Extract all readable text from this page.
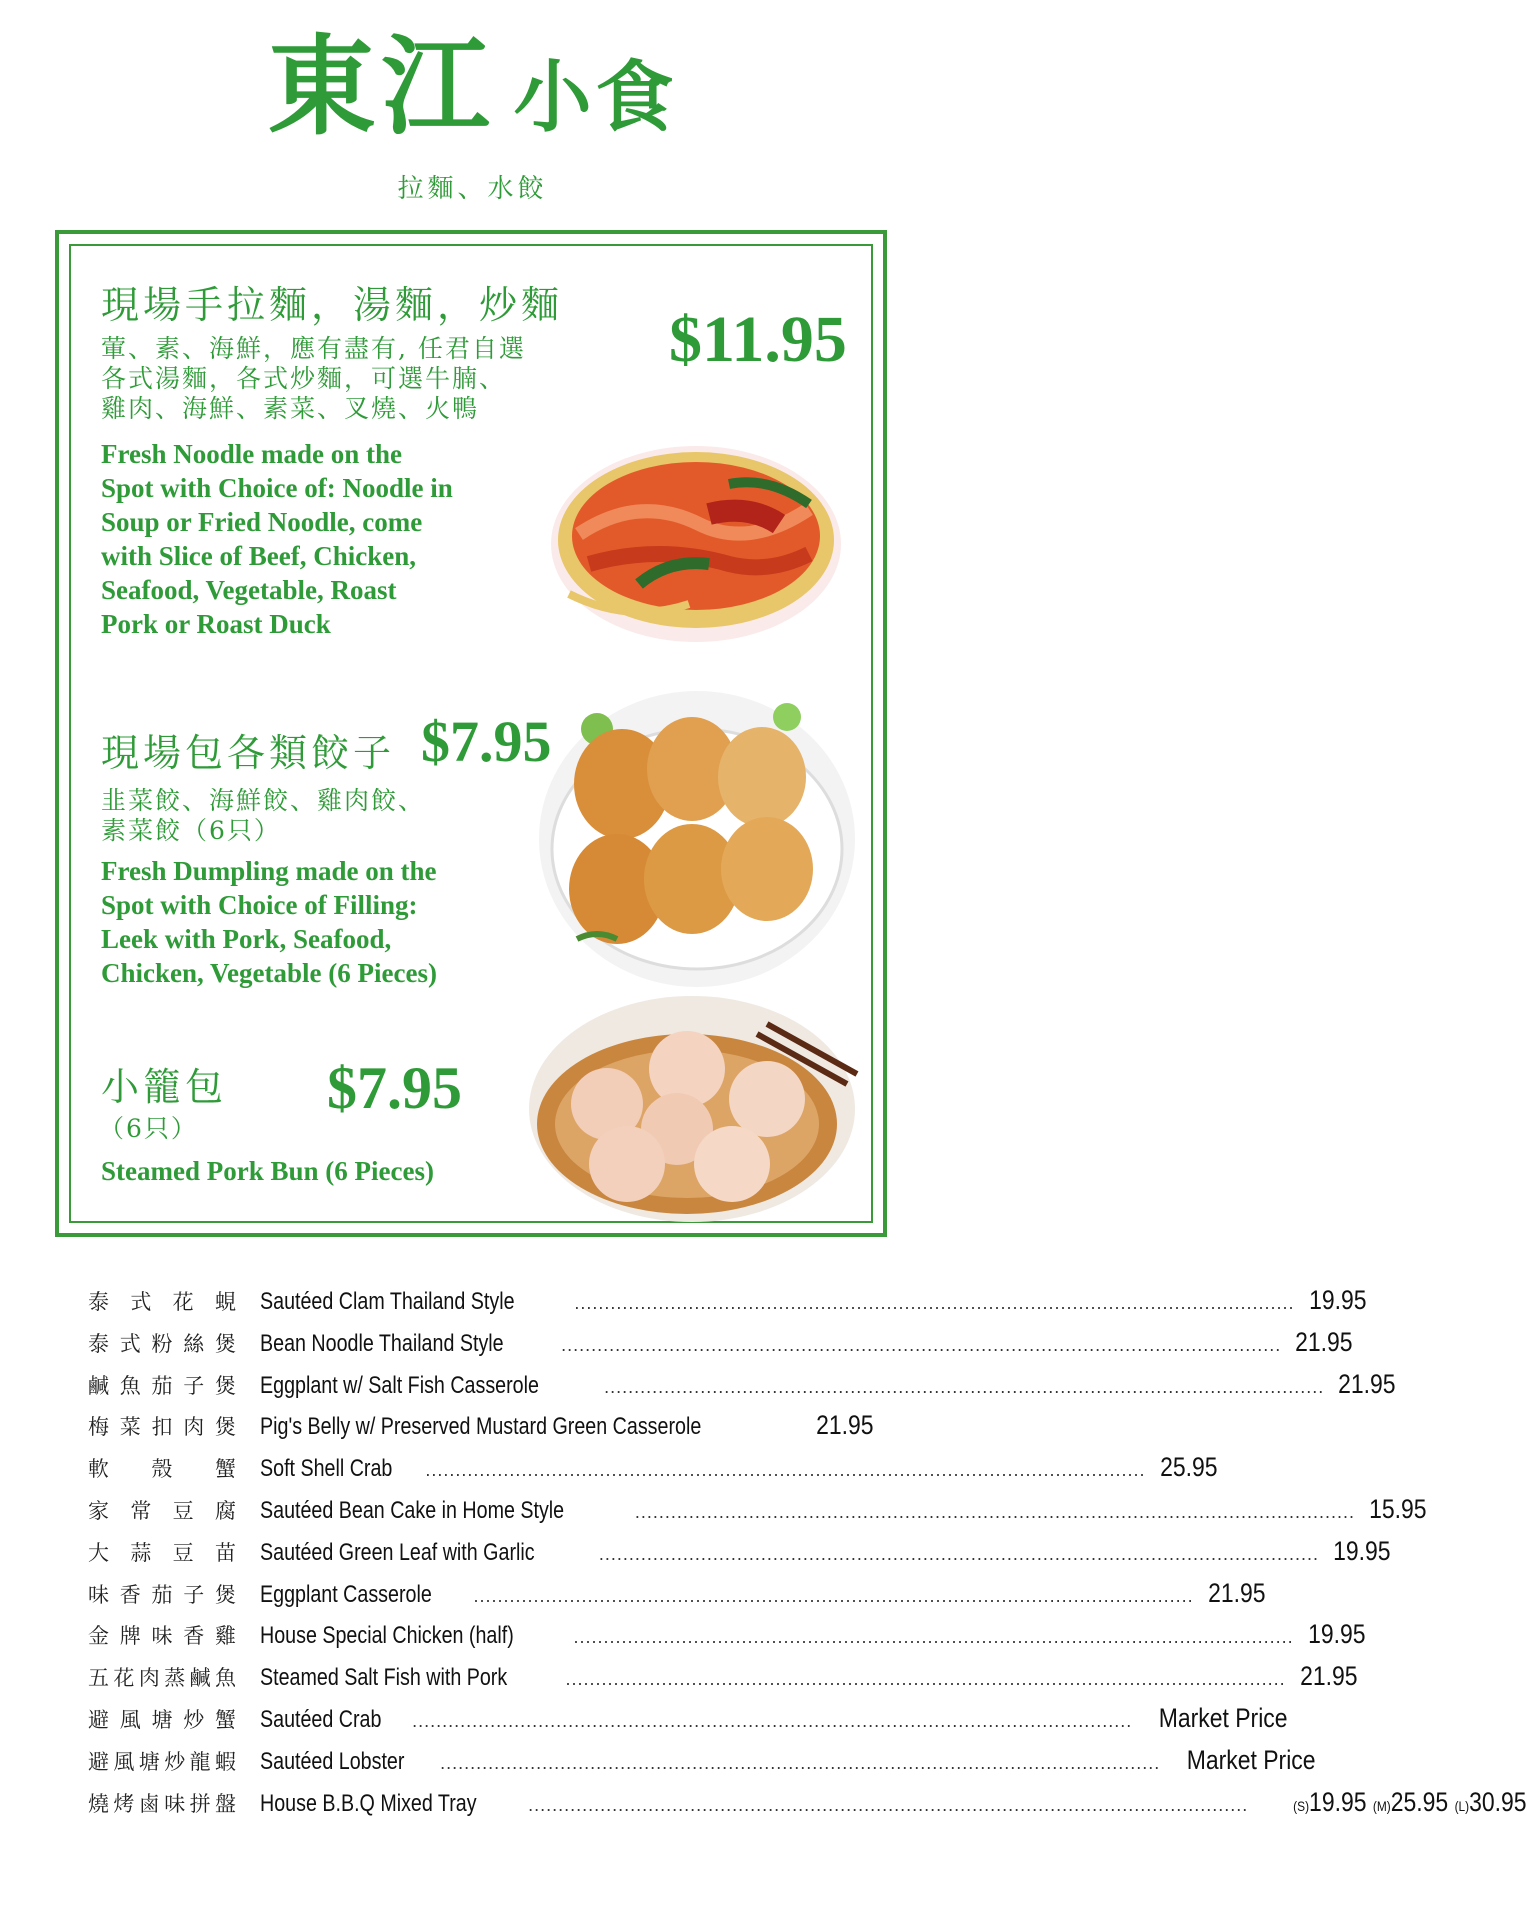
東江 小食
拉麵、水餃
現場手拉麵，湯麵，炒麵 $11.95
葷、素、海鮮，應有盡有, 任君自選
各式湯麵，各式炒麵，可選牛腩、
雞肉、海鮮、素菜、叉燒、火鴨
Fresh Noodle made on the
Spot with Choice of: Noodle in
Soup or Fried Noodle, come
with Slice of Beef, Chicken,
Seafood, Vegetable, Roast
Pork or Roast Duck
現場包各類餃子 $7.95
韭菜餃、海鮮餃、雞肉餃、
素菜餃（6只）
Fresh Dumpling made on the
Spot with Choice of Filling:
Leek with Pork, Seafood,
Chicken, Vegetable (6 Pieces)
小籠包 $7.95
（6只）
Steamed Pork Bun (6 Pieces)
泰式花蜆 Sautéed Clam Thailand Style	........................................................................................................................ 19.95
泰式粉絲煲 Bean Noodle Thailand Style	........................................................................................................................ 21.95
鹹魚茄子煲 Eggplant w/ Salt Fish Casserole	........................................................................................................................ 21.95
梅菜扣肉煲 Pig's Belly w/ Preserved Mustard Green Casserole	21.95
軟殼蟹 Soft Shell Crab ........................................................................................................................ 25.95
家常豆腐 Sautéed Bean Cake in Home Style	........................................................................................................................ 15.95
大蒜豆苗 Sautéed Green Leaf with Garlic	........................................................................................................................ 19.95
味香茄子煲 Eggplant Casserole ........................................................................................................................ 21.95
金牌味香雞 House Special Chicken (half)	........................................................................................................................ 19.95
五花肉蒸鹹魚 Steamed Salt Fish with Pork	........................................................................................................................ 21.95
避風塘炒蟹 Sautéed Crab ........................................................................................................................ Market Price
避風塘炒龍蝦 Sautéed Lobster ........................................................................................................................ Market Price
燒烤鹵味拼盤 House B.B.Q Mixed Tray	........................................................................................................................	(S)19.95 (M)25.95 (L)30.95
